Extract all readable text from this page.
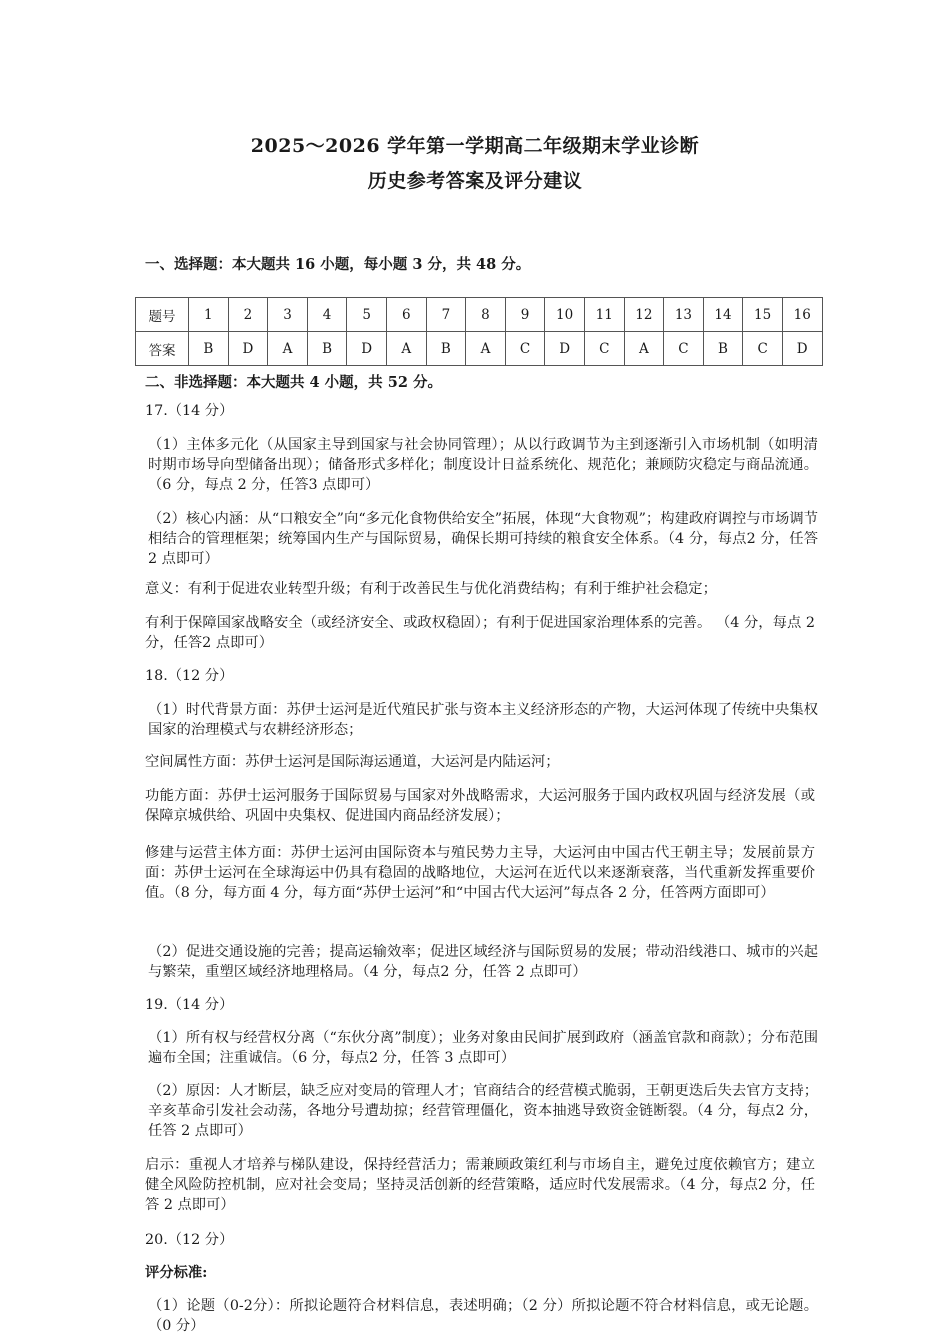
2025～2026 学年第一学期高二年级期末学业诊断
历史参考答案及评分建议
一、选择题：本大题共 16 小题，每小题 3 分，共 48 分。
题号	1	2	3	4	5	6	7	8	9	10	11	12	13	14	15	16
答案	B	D	A	B	D	A	B	A	C	D	C	A	C	B	C	D
二、非选择题：本大题共 4 小题，共 52 分。
17.（14 分）
（1）主体多元化（从国家主导到国家与社会协同管理）；从以行政调节为主到逐渐引入市场机制（如明清时期市场导向型储备出现）；储备形式多样化；制度设计日益系统化、规范化；兼顾防灾稳定与商品流通。（6 分，每点 2 分，任答3 点即可）
（2）核心内涵：从“口粮安全”向“多元化食物供给安全”拓展，体现“大食物观”；构建政府调控与市场调节相结合的管理框架；统筹国内生产与国际贸易，确保长期可持续的粮食安全体系。（4 分，每点2 分，任答 2 点即可）
意义：有利于促进农业转型升级；有利于改善民生与优化消费结构；有利于维护社会稳定；
有利于保障国家战略安全（或经济安全、或政权稳固）；有利于促进国家治理体系的完善。 （4 分，每点 2 分，任答2 点即可）
18.（12 分）
（1）时代背景方面：苏伊士运河是近代殖民扩张与资本主义经济形态的产物，大运河体现了传统中央集权国家的治理模式与农耕经济形态；
空间属性方面：苏伊士运河是国际海运通道，大运河是内陆运河；
功能方面：苏伊士运河服务于国际贸易与国家对外战略需求，大运河服务于国内政权巩固与经济发展（或保障京城供给、巩固中央集权、促进国内商品经济发展）；
修建与运营主体方面：苏伊士运河由国际资本与殖民势力主导，大运河由中国古代王朝主导；发展前景方面：苏伊士运河在全球海运中仍具有稳固的战略地位，大运河在近代以来逐渐衰落，当代重新发挥重要价值。（8 分，每方面 4 分，每方面“苏伊士运河”和“中国古代大运河”每点各 2 分，任答两方面即可）
（2）促进交通设施的完善；提高运输效率；促进区域经济与国际贸易的发展；带动沿线港口、城市的兴起与繁荣，重塑区域经济地理格局。（4 分，每点2 分，任答 2 点即可）
19.（14 分）
（1）所有权与经营权分离（“东伙分离”制度）；业务对象由民间扩展到政府（涵盖官款和商款）；分布范围遍布全国；注重诚信。（6 分，每点2 分，任答 3 点即可）
（2）原因：人才断层，缺乏应对变局的管理人才；官商结合的经营模式脆弱，王朝更迭后失去官方支持；辛亥革命引发社会动荡，各地分号遭劫掠；经营管理僵化，资本抽逃导致资金链断裂。（4 分，每点2 分，任答 2 点即可）
启示：重视人才培养与梯队建设，保持经营活力；需兼顾政策红利与市场自主，避免过度依赖官方；建立健全风险防控机制，应对社会变局；坚持灵活创新的经营策略，适应时代发展需求。（4 分，每点2 分，任答 2 点即可）
20.（12 分）
评分标准:
（1）论题（0-2分）：所拟论题符合材料信息，表述明确；（2 分）所拟论题不符合材料信息，或无论题。（0 分）
